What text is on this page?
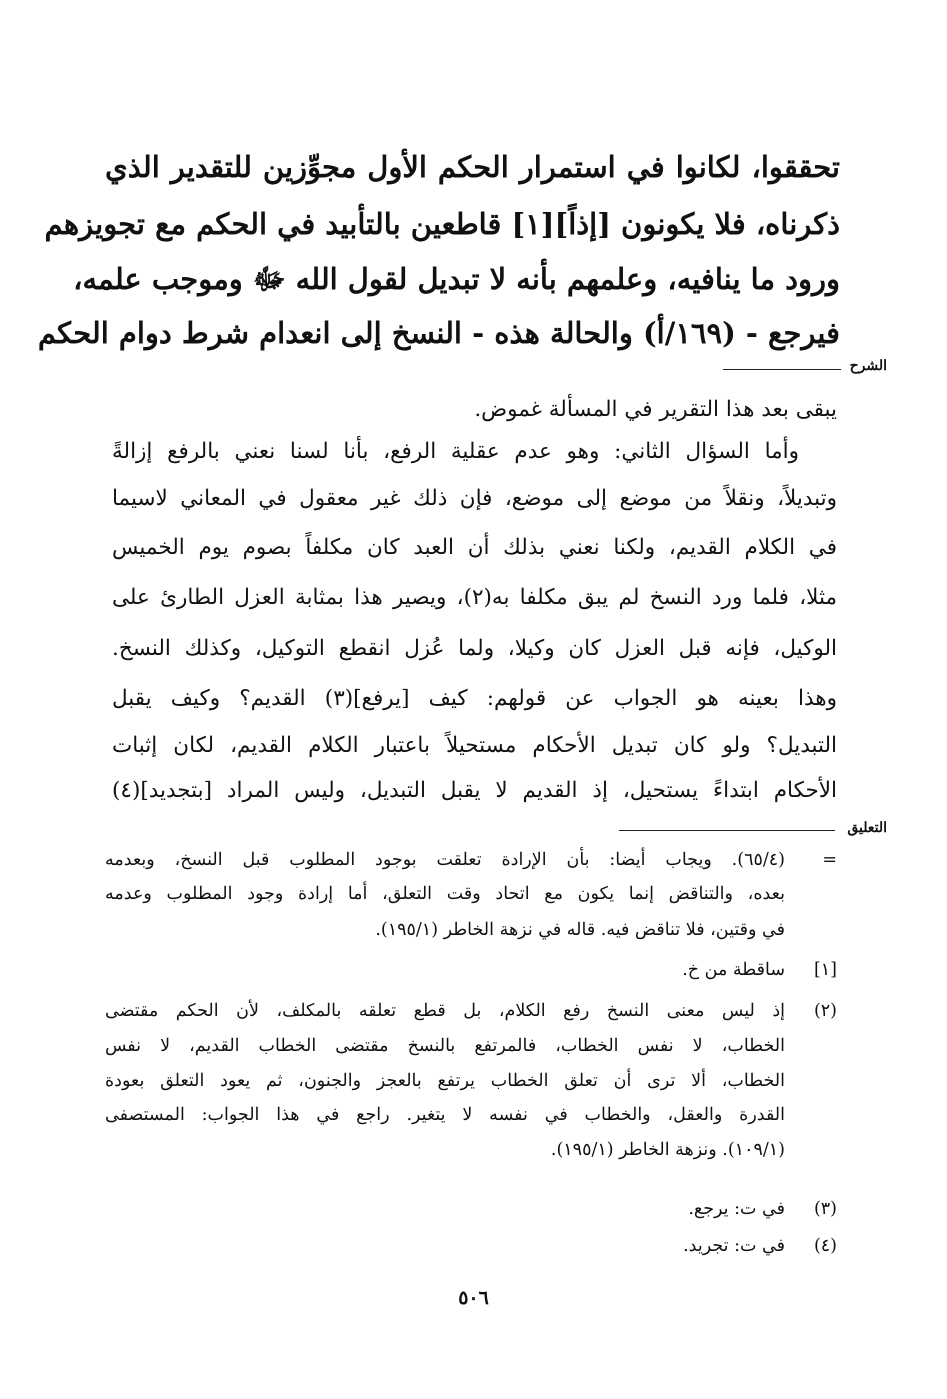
تحققوا، لكانوا في استمرار الحكم الأول مجوِّزين للتقدير الذي
ذكرناه، فلا يكونون [إذاً][١] قاطعين بالتأبيد في الحكم مع تجويزهم
ورود ما ينافيه، وعلمهم بأنه لا تبديل لقول الله ﷻ وموجب علمه،
فيرجع - (١٦٩/أ) والحالة هذه - النسخ إلى انعدام شرط دوام الحكم
الشرح
يبقى بعد هذا التقرير في المسألة غموض.
وأما السؤال الثاني: وهو عدم عقلية الرفع، بأنا لسنا نعني بالرفع إزالةً
وتبديلاً، ونقلاً من موضع إلى موضع، فإن ذلك غير معقول في المعاني لاسيما
في الكلام القديم، ولكنا نعني بذلك أن العبد كان مكلفاً بصوم يوم الخميس
مثلا، فلما ورد النسخ لم يبق مكلفا به(٢)، ويصير هذا بمثابة العزل الطارئ على
الوكيل، فإنه قبل العزل كان وكيلا، ولما عُزل انقطع التوكيل، وكذلك النسخ.
وهذا بعينه هو الجواب عن قولهم: كيف [يرفع](٣) القديم؟ وكيف يقبل
التبديل؟ ولو كان تبديل الأحكام مستحيلاً باعتبار الكلام القديم، لكان إثبات
الأحكام ابتداءً يستحيل، إذ القديم لا يقبل التبديل، وليس المراد [بتجديد](٤)
التعليق
=
(٦٥/٤). ويجاب أيضا: بأن الإرادة تعلقت بوجود المطلوب قبل النسخ، وبعدمه
بعده، والتناقض إنما يكون مع اتحاد وقت التعلق، أما إرادة وجود المطلوب وعدمه
في وقتين، فلا تناقض فيه. قاله في نزهة الخاطر (١٩٥/١).
[١]
ساقطة من خ.
(٢)
إذ ليس معنى النسخ رفع الكلام، بل قطع تعلقه بالمكلف، لأن الحكم مقتضى
الخطاب، لا نفس الخطاب، فالمرتفع بالنسخ مقتضى الخطاب القديم، لا نفس
الخطاب، ألا ترى أن تعلق الخطاب يرتفع بالعجز والجنون، ثم يعود التعلق بعودة
القدرة والعقل، والخطاب في نفسه لا يتغير. راجع في هذا الجواب: المستصفى
(١٠٩/١). ونزهة الخاطر (١٩٥/١).
(٣)
في ت: يرجع.
(٤)
في ت: تجريد.
٥٠٦
